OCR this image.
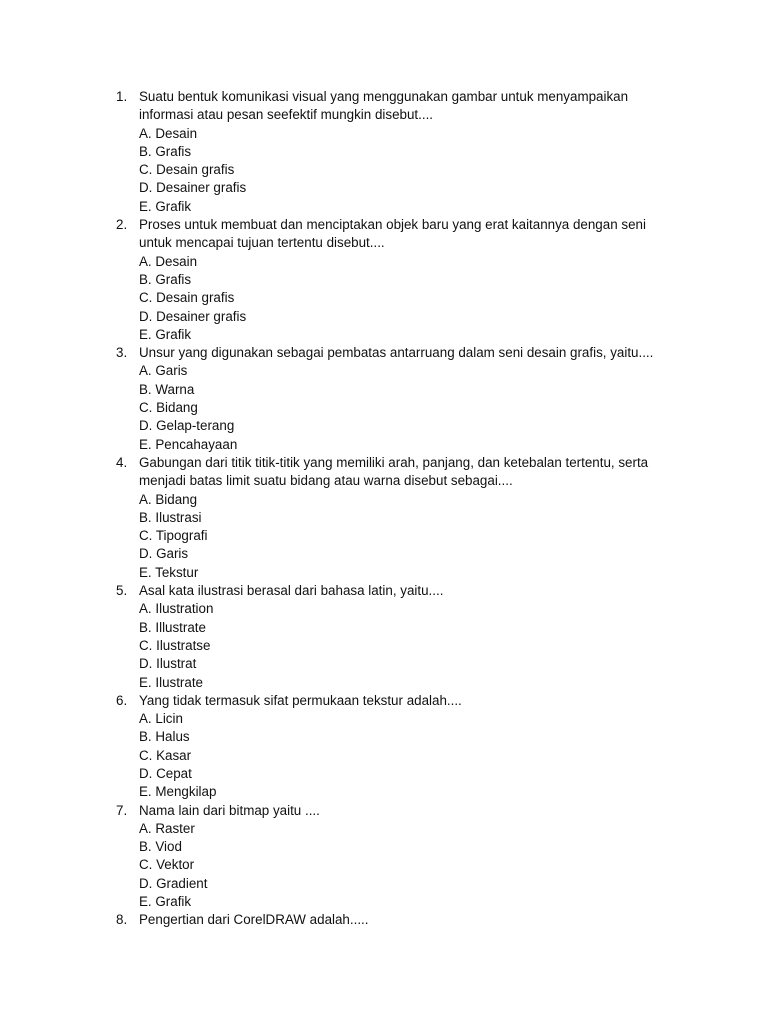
1. Suatu bentuk komunikasi visual yang menggunakan gambar untuk menyampaikan informasi atau pesan seefektif mungkin disebut....
A. Desain
B. Grafis
C. Desain grafis
D. Desainer grafis
E. Grafik
2. Proses untuk membuat dan menciptakan objek baru yang erat kaitannya dengan seni untuk mencapai tujuan tertentu disebut....
A. Desain
B. Grafis
C. Desain grafis
D. Desainer grafis
E. Grafik
3. Unsur yang digunakan sebagai pembatas antarruang dalam seni desain grafis, yaitu....
A. Garis
B. Warna
C. Bidang
D. Gelap-terang
E. Pencahayaan
4. Gabungan dari titik titik-titik yang memiliki arah, panjang, dan ketebalan tertentu, serta menjadi batas limit suatu bidang atau warna disebut sebagai....
A. Bidang
B. Ilustrasi
C. Tipografi
D. Garis
E. Tekstur
5. Asal kata ilustrasi berasal dari bahasa latin, yaitu....
A. Ilustration
B. Illustrate
C. Ilustratse
D. Ilustrat
E. Ilustrate
6. Yang tidak termasuk sifat permukaan tekstur adalah....
A. Licin
B. Halus
C. Kasar
D. Cepat
E. Mengkilap
7. Nama lain dari bitmap yaitu ....
A. Raster
B. Viod
C. Vektor
D. Gradient
E. Grafik
8. Pengertian dari CorelDRAW adalah.....
